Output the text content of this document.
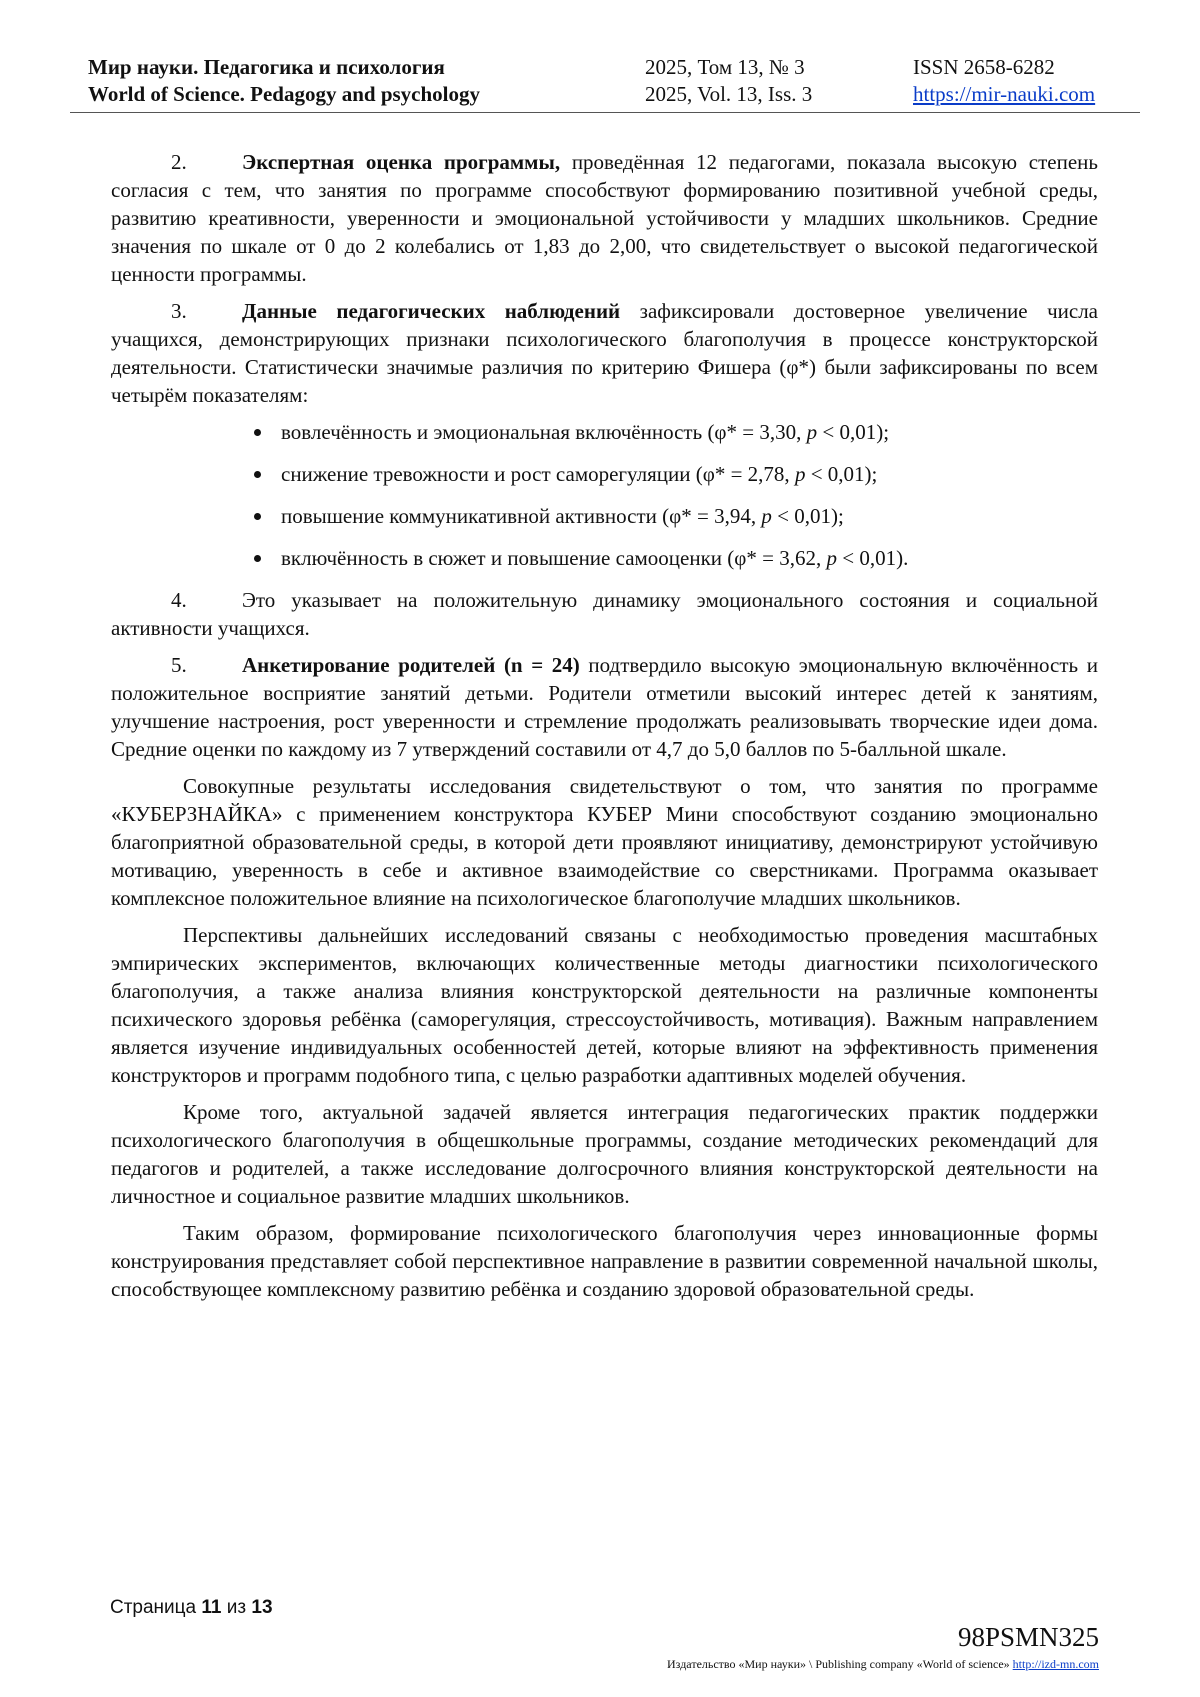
Мир науки. Педагогика и психология
World of Science. Pedagogy and psychology
2025, Том 13, № 3
2025, Vol. 13, Iss. 3
ISSN 2658-6282
https://mir-nauki.com

2.	Экспертная оценка программы, проведённая 12 педагогами, показала высокую степень согласия с тем, что занятия по программе способствуют формированию позитивной учебной среды, развитию креативности, уверенности и эмоциональной устойчивости у младших школьников. Средние значения по шкале от 0 до 2 колебались от 1,83 до 2,00, что свидетельствует о высокой педагогической ценности программы.

3.	Данные педагогических наблюдений зафиксировали достоверное увеличение числа учащихся, демонстрирующих признаки психологического благополучия в процессе конструкторской деятельности. Статистически значимые различия по критерию Фишера (φ*) были зафиксированы по всем четырём показателям:

вовлечённость и эмоциональная включённость (φ* = 3,30, p < 0,01);
снижение тревожности и рост саморегуляции (φ* = 2,78, p < 0,01);
повышение коммуникативной активности (φ* = 3,94, p < 0,01);
включённость в сюжет и повышение самооценки (φ* = 3,62, p < 0,01).

4.	Это указывает на положительную динамику эмоционального состояния и социальной активности учащихся.

5.	Анкетирование родителей (n = 24) подтвердило высокую эмоциональную включённость и положительное восприятие занятий детьми. Родители отметили высокий интерес детей к занятиям, улучшение настроения, рост уверенности и стремление продолжать реализовывать творческие идеи дома. Средние оценки по каждому из 7 утверждений составили от 4,7 до 5,0 баллов по 5-балльной шкале.

Совокупные результаты исследования свидетельствуют о том, что занятия по программе «КУБЕРЗНАЙКА» с применением конструктора КУБЕР Мини способствуют созданию эмоционально благоприятной образовательной среды, в которой дети проявляют инициативу, демонстрируют устойчивую мотивацию, уверенность в себе и активное взаимодействие со сверстниками. Программа оказывает комплексное положительное влияние на психологическое благополучие младших школьников.

Перспективы дальнейших исследований связаны с необходимостью проведения масштабных эмпирических экспериментов, включающих количественные методы диагностики психологического благополучия, а также анализа влияния конструкторской деятельности на различные компоненты психического здоровья ребёнка (саморегуляция, стрессоустойчивость, мотивация). Важным направлением является изучение индивидуальных особенностей детей, которые влияют на эффективность применения конструкторов и программ подобного типа, с целью разработки адаптивных моделей обучения.

Кроме того, актуальной задачей является интеграция педагогических практик поддержки психологического благополучия в общешкольные программы, создание методических рекомендаций для педагогов и родителей, а также исследование долгосрочного влияния конструкторской деятельности на личностное и социальное развитие младших школьников.

Таким образом, формирование психологического благополучия через инновационные формы конструирования представляет собой перспективное направление в развитии современной начальной школы, способствующее комплексному развитию ребёнка и созданию здоровой образовательной среды.

Страница 11 из 13
98PSMN325
Издательство «Мир науки» \ Publishing company «World of science» http://izd-mn.com
